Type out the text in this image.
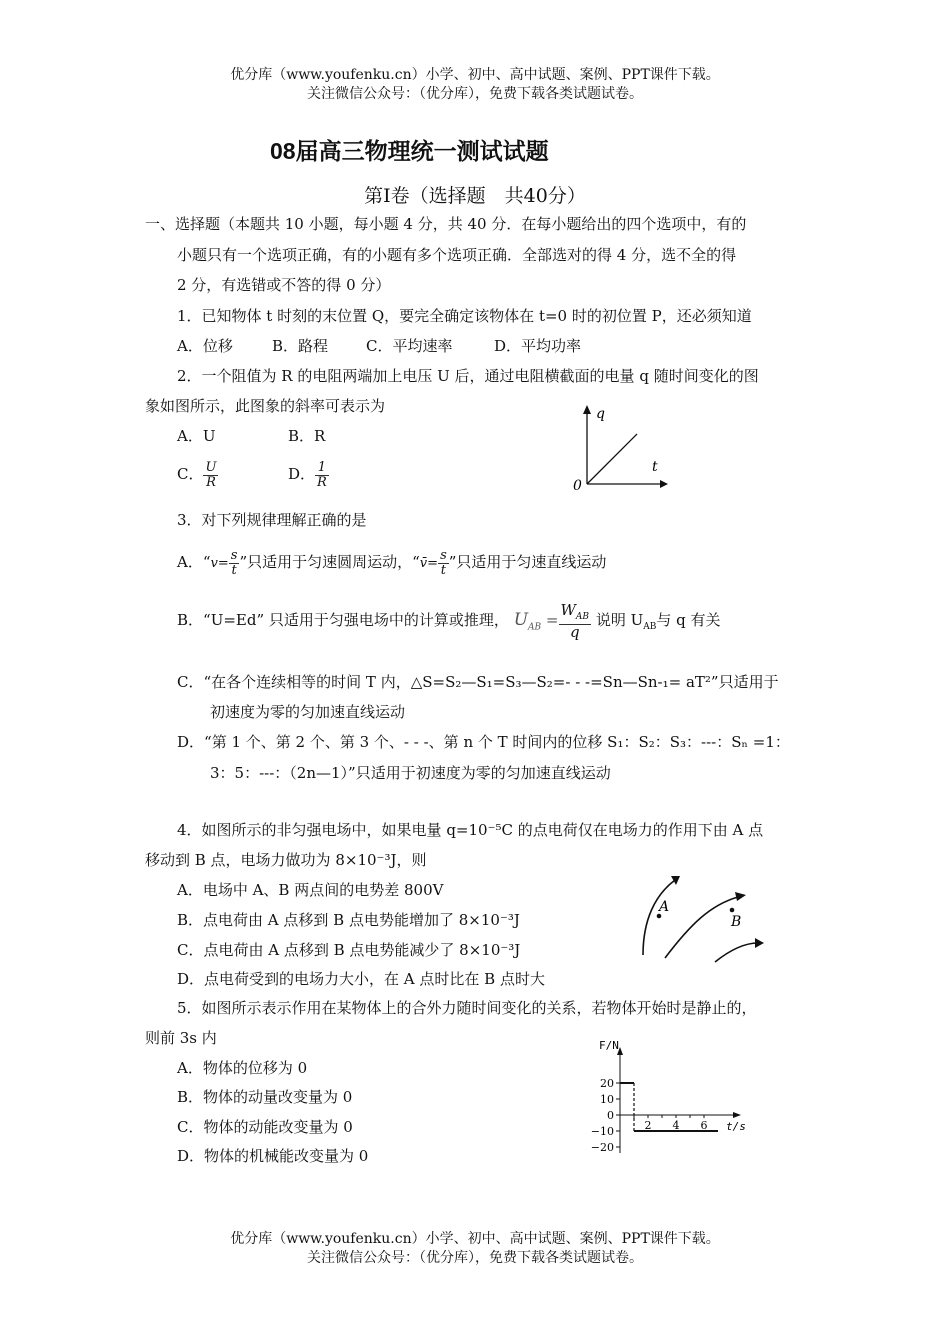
优分库（www.youfenku.cn）小学、初中、高中试题、案例、PPT课件下载。
关注微信公众号：（优分库），免费下载各类试题试卷。
08届高三物理统一测试试题
第Ⅰ卷（选择题　共40分）
一、选择题（本题共 10 小题，每小题 4 分，共 40 分．在每小题给出的四个选项中，有的
小题只有一个选项正确，有的小题有多个选项正确．全部选对的得 4 分，选不全的得
2 分，有选错或不答的得 0 分）
1．已知物体 t 时刻的末位置 Q，要完全确定该物体在 t=0 时的初位置 P，还必须知道
A．位移	B．路程	C．平均速率	D．平均功率
2．一个阻值为 R 的电阻两端加上电压 U 后，通过电阻横截面的电量 q 随时间变化的图
象如图所示，此图象的斜率可表示为
A．U	B．R
C． $\frac{U}{R}$	D． $\frac{1}{R}$
q
t
0
3．对下列规律理解正确的是
A．“$v= \frac{s}{t}$ ”只适用于匀速圆周运动，“v̄= $\frac{s}{t}$ ”只适用于匀速直线运动
B．“U=Ed” 只适用于匀强电场中的计算或推理， $U_{AB} = \frac{W_{AB}}{q}$ 说明 $U_{AB}$与 q 有关
C．“在各个连续相等的时间 T 内，△S=S₂—S₁=S₃—S₂=- - -=Sn—Sn-₁= aT²”只适用于
初速度为零的匀加速直线运动
D．“第 1 个、第 2 个、第 3 个、- - -、第 n 个 T 时间内的位移 S₁：S₂：S₃：---：Sₙ =1：
3：5：---：（2n—1）”只适用于初速度为零的匀加速直线运动
4．如图所示的非匀强电场中，如果电量 q=10⁻⁵C 的点电荷仅在电场力的作用下由 A 点
移动到 B 点，电场力做功为 8×10⁻³J，则
A．电场中 A、B 两点间的电势差 800V
B．点电荷由 A 点移到 B 点电势能增加了 8×10⁻³J
C．点电荷由 A 点移到 B 点电势能减少了 8×10⁻³J
D．点电荷受到的电场力大小，在 A 点时比在 B 点时大
A
B
5．如图所示表示作用在某物体上的合外力随时间变化的关系，若物体开始时是静止的，
则前 3s 内
A．物体的位移为 0
B．物体的动量改变量为 0
C．物体的动能改变量为 0
D．物体的机械能改变量为 0
F/N
t/s
20
10
0
−10
−20
2 4 6
优分库（www.youfenku.cn）小学、初中、高中试题、案例、PPT课件下载。
关注微信公众号：（优分库），免费下载各类试题试卷。
